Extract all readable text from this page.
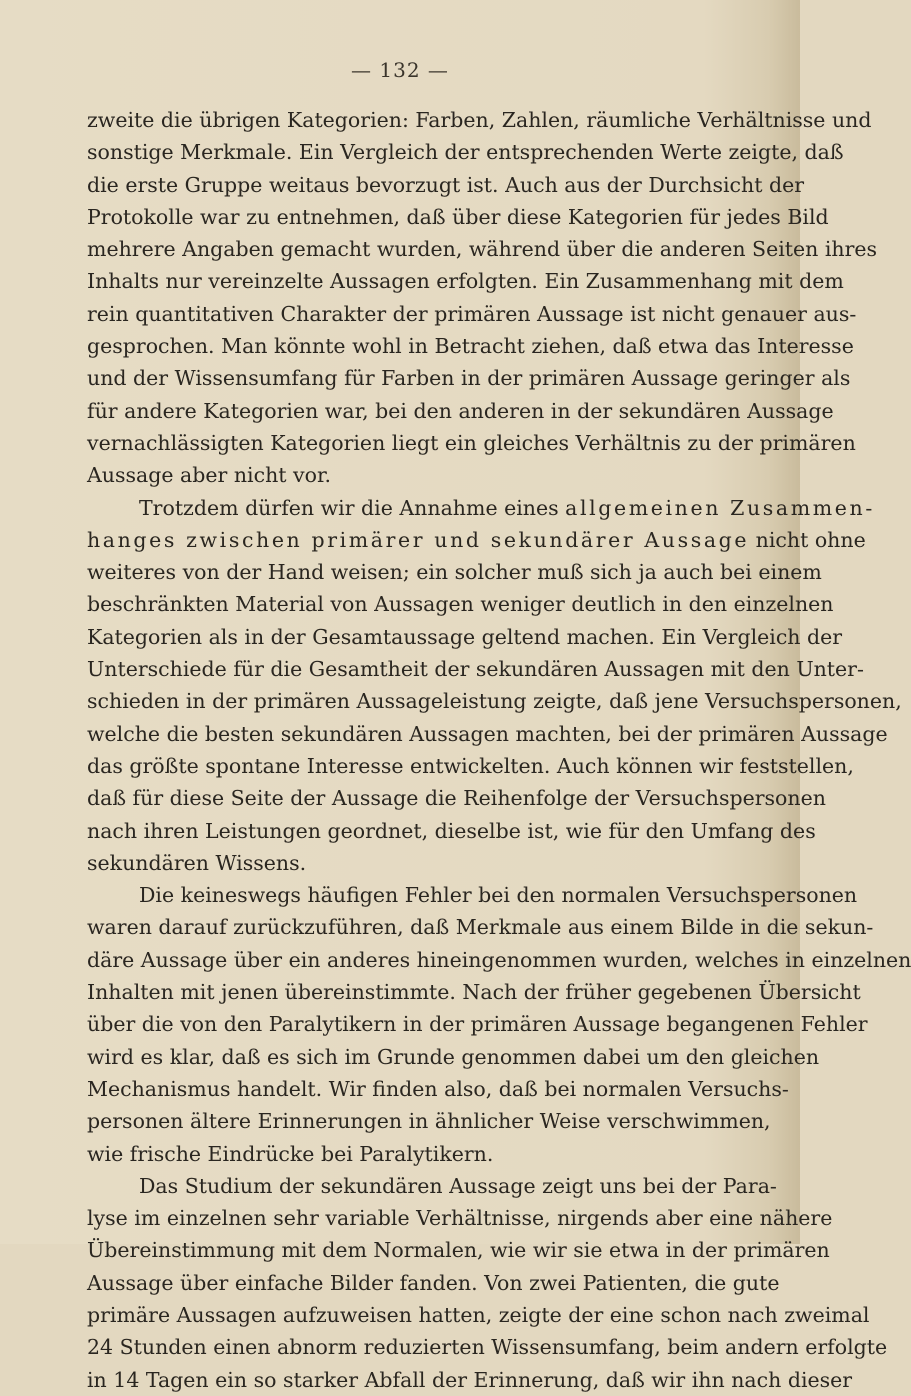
— 132 —
zweite die übrigen Kategorien: Farben, Zahlen, räumliche Verhältnisse und
sonstige Merkmale. Ein Vergleich der entsprechenden Werte zeigte, daß
die erste Gruppe weitaus bevorzugt ist. Auch aus der Durchsicht der
Protokolle war zu entnehmen, daß über diese Kategorien für jedes Bild
mehrere Angaben gemacht wurden, während über die anderen Seiten ihres
Inhalts nur vereinzelte Aussagen erfolgten. Ein Zusammenhang mit dem
rein quantitativen Charakter der primären Aussage ist nicht genauer aus-
gesprochen. Man könnte wohl in Betracht ziehen, daß etwa das Interesse
und der Wissensumfang für Farben in der primären Aussage geringer als
für andere Kategorien war, bei den anderen in der sekundären Aussage
vernachlässigten Kategorien liegt ein gleiches Verhältnis zu der primären
Aussage aber nicht vor.
Trotzdem dürfen wir die Annahme eines allgemeinen Zusammen-
hanges zwischen primärer und sekundärer Aussage nicht ohne
weiteres von der Hand weisen; ein solcher muß sich ja auch bei einem
beschränkten Material von Aussagen weniger deutlich in den einzelnen
Kategorien als in der Gesamtaussage geltend machen. Ein Vergleich der
Unterschiede für die Gesamtheit der sekundären Aussagen mit den Unter-
schieden in der primären Aussageleistung zeigte, daß jene Versuchspersonen,
welche die besten sekundären Aussagen machten, bei der primären Aussage
das größte spontane Interesse entwickelten. Auch können wir feststellen,
daß für diese Seite der Aussage die Reihenfolge der Versuchspersonen
nach ihren Leistungen geordnet, dieselbe ist, wie für den Umfang des
sekundären Wissens.
Die keineswegs häufigen Fehler bei den normalen Versuchspersonen
waren darauf zurückzuführen, daß Merkmale aus einem Bilde in die sekun-
däre Aussage über ein anderes hineingenommen wurden, welches in einzelnen
Inhalten mit jenen übereinstimmte. Nach der früher gegebenen Übersicht
über die von den Paralytikern in der primären Aussage begangenen Fehler
wird es klar, daß es sich im Grunde genommen dabei um den gleichen
Mechanismus handelt. Wir finden also, daß bei normalen Versuchs-
personen ältere Erinnerungen in ähnlicher Weise verschwimmen,
wie frische Eindrücke bei Paralytikern.
Das Studium der sekundären Aussage zeigt uns bei der Para-
lyse im einzelnen sehr variable Verhältnisse, nirgends aber eine nähere
Übereinstimmung mit dem Normalen, wie wir sie etwa in der primären
Aussage über einfache Bilder fanden. Von zwei Patienten, die gute
primäre Aussagen aufzuweisen hatten, zeigte der eine schon nach zweimal
24 Stunden einen abnorm reduzierten Wissensumfang, beim andern erfolgte
in 14 Tagen ein so starker Abfall der Erinnerung, daß wir ihn nach dieser
